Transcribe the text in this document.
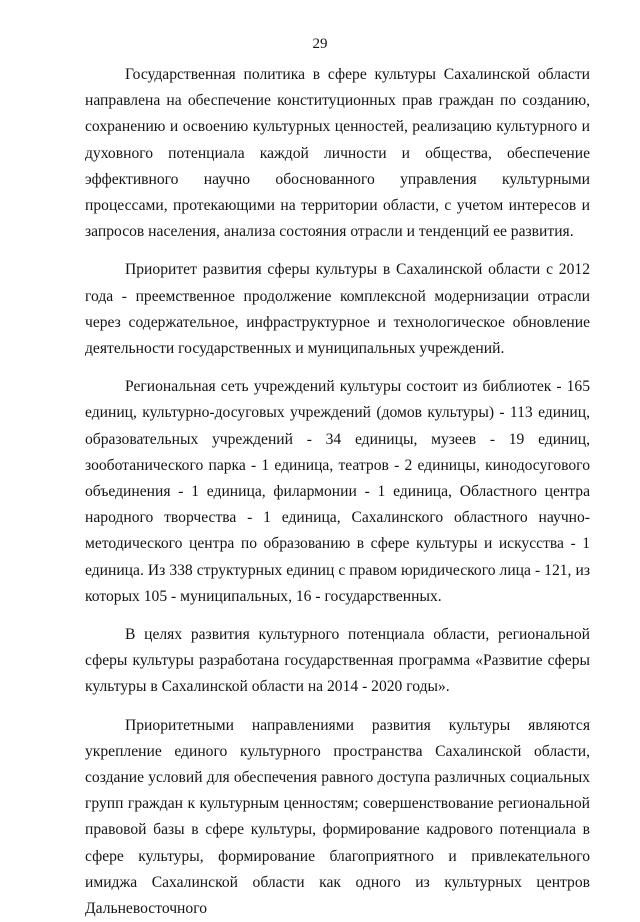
29

Государственная политика в сфере культуры Сахалинской области направлена на обеспечение конституционных прав граждан по созданию, сохранению и освоению культурных ценностей, реализацию культурного и духовного потенциала каждой личности и общества, обеспечение эффективного научно обоснованного управления культурными процессами, протекающими на территории области, с учетом интересов и запросов населения, анализа состояния отрасли и тенденций ее развития.

Приоритет развития сферы культуры в Сахалинской области с 2012 года - преемственное продолжение комплексной модернизации отрасли через содержательное, инфраструктурное и технологическое обновление деятельности государственных и муниципальных учреждений.

Региональная сеть учреждений культуры состоит из библиотек - 165 единиц, культурно-досуговых учреждений (домов культуры) - 113 единиц, образовательных учреждений - 34 единицы, музеев - 19 единиц, зооботанического парка - 1 единица, театров - 2 единицы, кинодосугового объединения - 1 единица, филармонии - 1 единица, Областного центра народного творчества - 1 единица, Сахалинского областного научно-методического центра по образованию в сфере культуры и искусства - 1 единица. Из 338 структурных единиц с правом юридического лица - 121, из которых 105 - муниципальных, 16 - государственных.

В целях развития культурного потенциала области, региональной сферы культуры разработана государственная программа «Развитие сферы культуры в Сахалинской области на 2014 - 2020 годы».

Приоритетными направлениями развития культуры являются укрепление единого культурного пространства Сахалинской области, создание условий для обеспечения равного доступа различных социальных групп граждан к культурным ценностям; совершенствование региональной правовой базы в сфере культуры, формирование кадрового потенциала в сфере культуры, формирование благоприятного и привлекательного имиджа Сахалинской области как одного из культурных центров Дальневосточного
